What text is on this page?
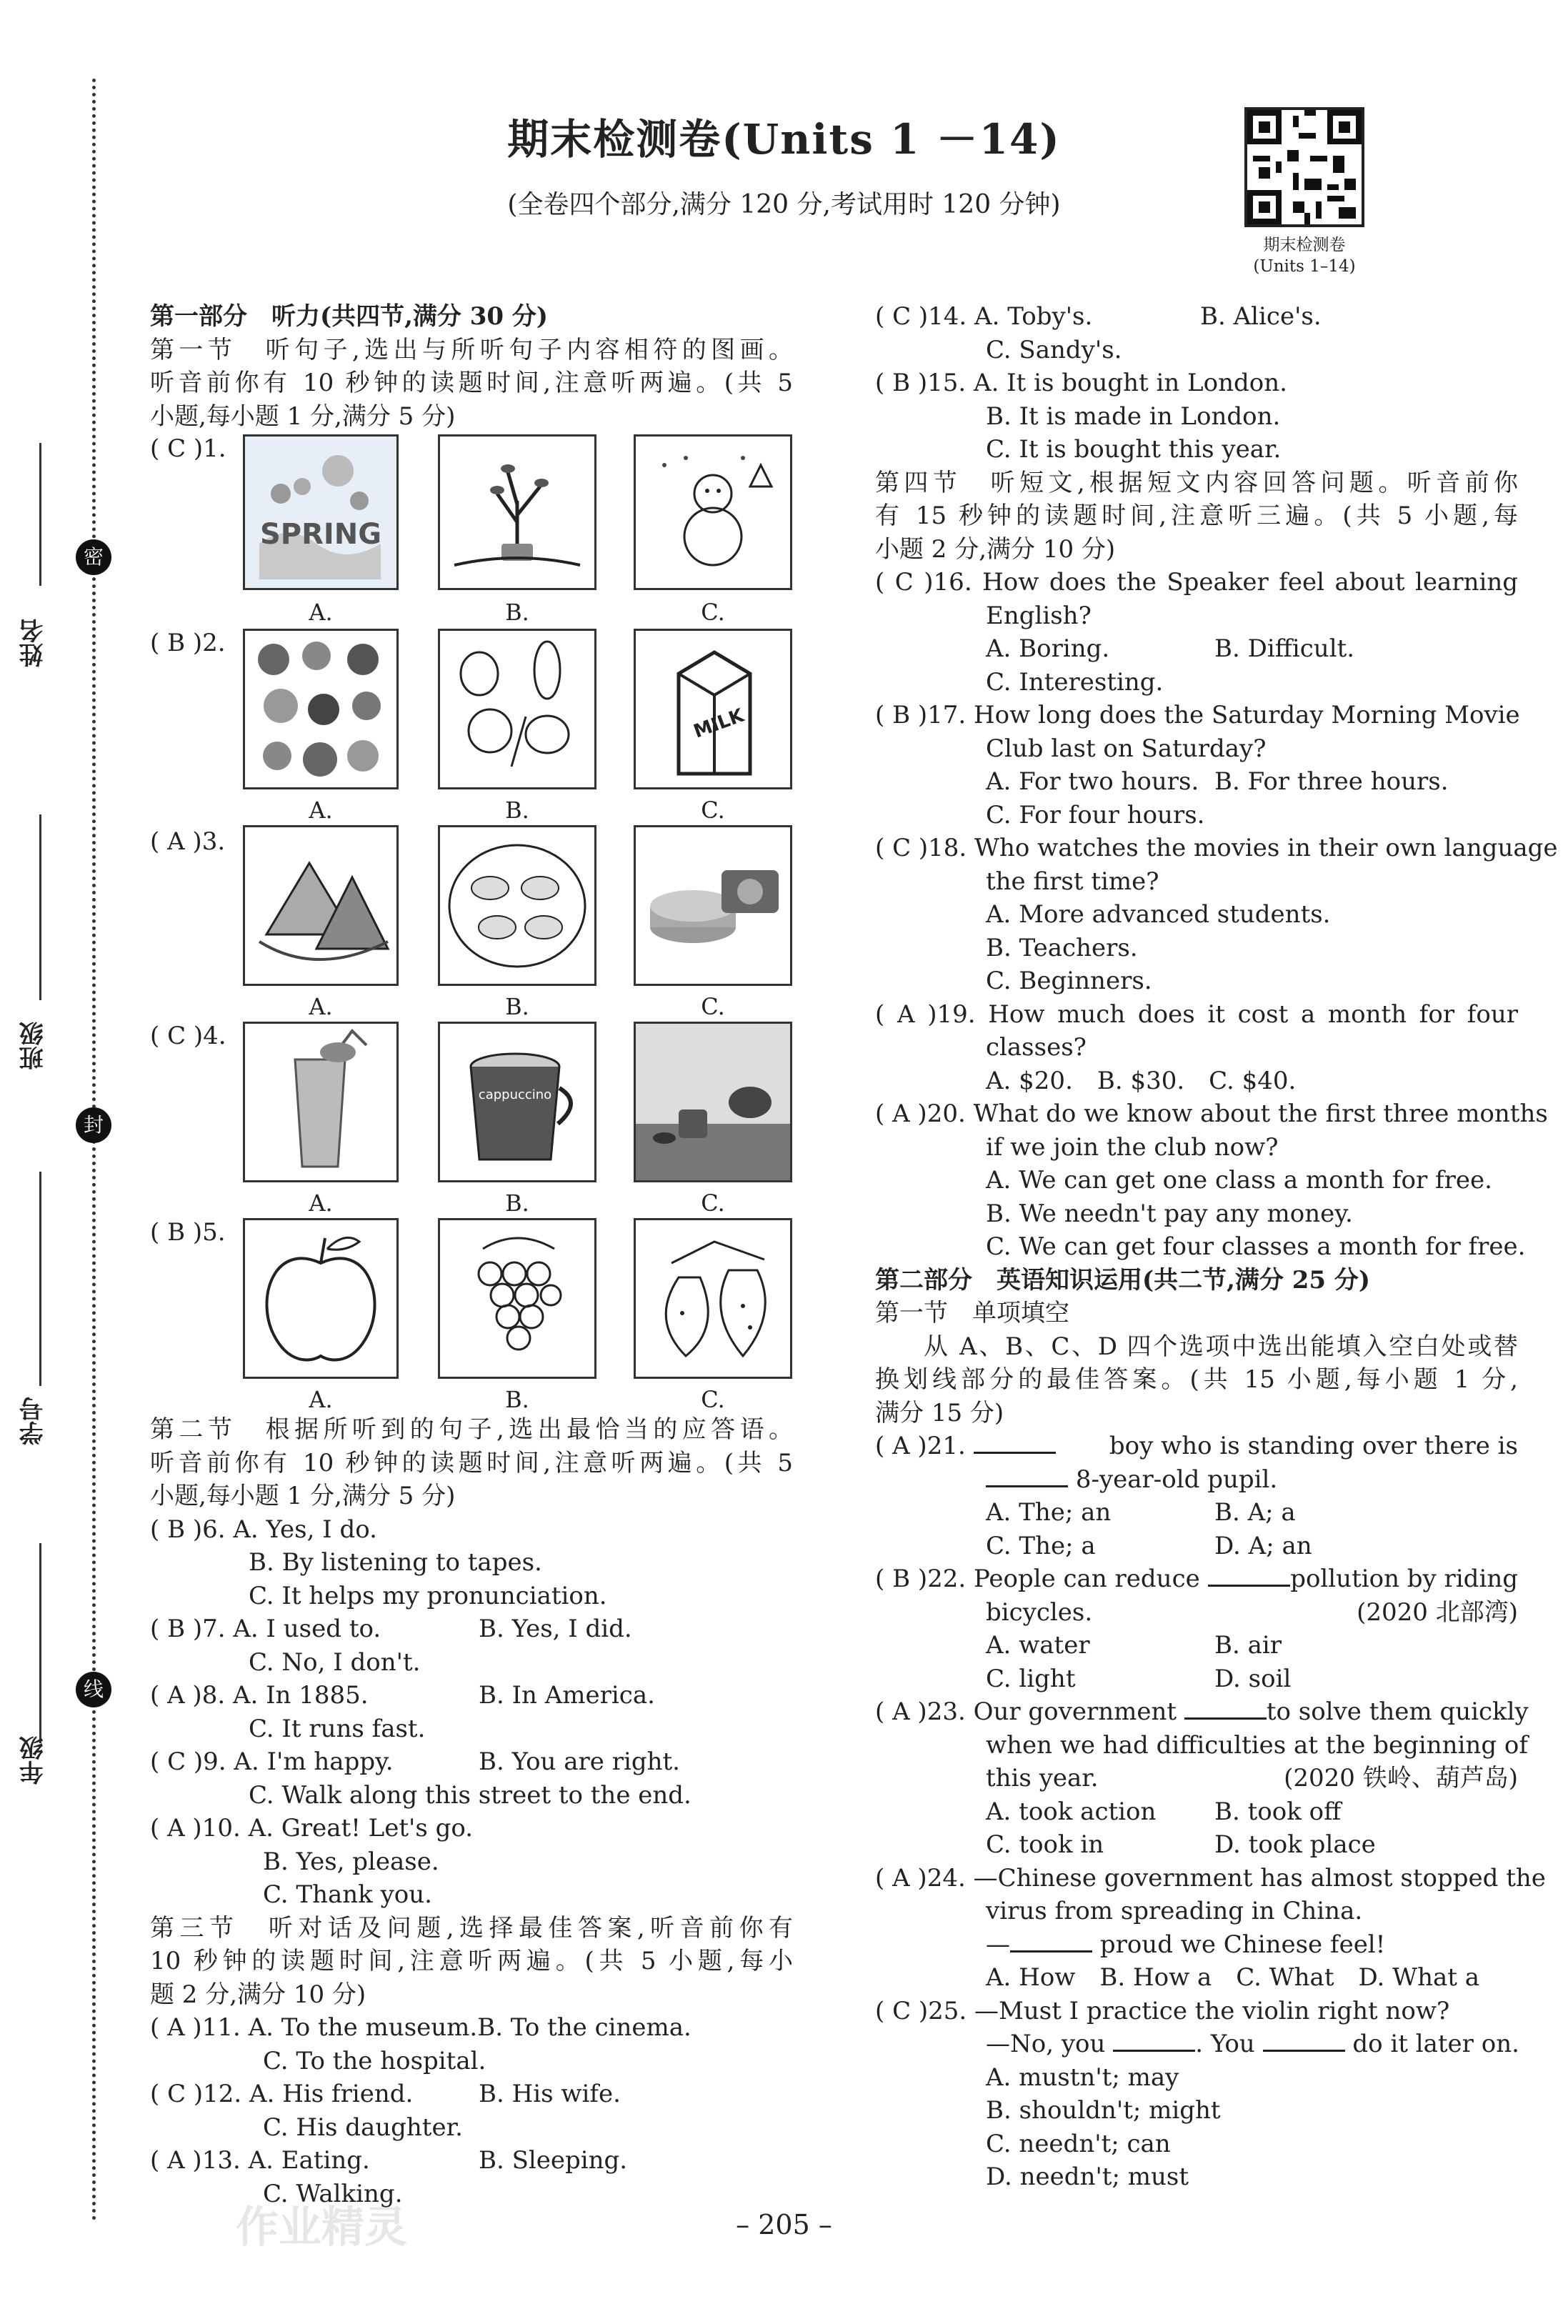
期末检测卷(Units 1 －14)
(全卷四个部分,满分 120 分,考试用时 120 分钟)
期末检测卷
(Units 1–14)
姓名
班级
学号
年级
密
封
线
第一部分　听力(共四节,满分 30 分)
第一节　听句子,选出与所听句子内容相符的图画。
听音前你有 10 秒钟的读题时间,注意听两遍。(共 5
小题,每小题 1 分,满分 5 分)
( C )1.
SPRING
A.	B.	C.
( B )2.
MILK
A.	B.	C.
( A )3.
A.	B.	C.
( C )4.
cappuccino
A.	B.	C.
( B )5.
A.	B.	C.
第二节　根据所听到的句子,选出最恰当的应答语。
听音前你有 10 秒钟的读题时间,注意听两遍。(共 5
小题,每小题 1 分,满分 5 分)
( B )6. A. Yes, I do.
B. By listening to tapes.
C. It helps my pronunciation.
( B )7. A. I used to.	B. Yes, I did.
C. No, I don't.
( A )8. A. In 1885.	B. In America.
C. It runs fast.
( C )9. A. I'm happy.	B. You are right.
C. Walk along this street to the end.
( A )10. A. Great! Let's go.
B. Yes, please.
C. Thank you.
第三节　听对话及问题,选择最佳答案,听音前你有
10 秒钟的读题时间,注意听两遍。(共 5 小题,每小
题 2 分,满分 10 分)
( A )11. A. To the museum.B. To the cinema.
C. To the hospital.
( C )12. A. His friend.	B. His wife.
C. His daughter.
( A )13. A. Eating.	B. Sleeping.
C. Walking.
( C )14. A. Toby's.	B. Alice's.
C. Sandy's.
( B )15. A. It is bought in London.
B. It is made in London.
C. It is bought this year.
第四节　听短文,根据短文内容回答问题。听音前你
有 15 秒钟的读题时间,注意听三遍。(共 5 小题,每
小题 2 分,满分 10 分)
( C )16. How does the Speaker feel about learning
English?
A. Boring.	B. Difficult.
C. Interesting.
( B )17. How long does the Saturday Morning Movie
Club last on Saturday?
A. For two hours. B. For three hours.
C. For four hours.
( C )18. Who watches the movies in their own language
the first time?
A. More advanced students.
B. Teachers.
C. Beginners.
( A )19. How much does it cost a month for four
classes?
A. $20.　B. $30.　C. $40.
( A )20. What do we know about the first three months
if we join the club now?
A. We can get one class a month for free.
B. We needn't pay any money.
C. We can get four classes a month for free.
第二部分　英语知识运用(共二节,满分 25 分)
第一节　单项填空
从 A、B、C、D 四个选项中选出能填入空白处或替
换划线部分的最佳答案。(共 15 小题,每小题 1 分,
满分 15 分)
( A )21.	boy who is standing over there is
8-year-old pupil.
A. The; an	B. A; a
C. The; a	D. A; an
( B )22. People can reduce	pollution by riding
bicycles.	(2020 北部湾)
A. water	B. air
C. light	D. soil
( A )23. Our government	to solve them quickly
when we had difficulties at the beginning of
this year.	(2020 铁岭、葫芦岛)
A. took action B. took off
C. took in	D. took place
( A )24. —Chinese government has almost stopped the
virus from spreading in China.
—	proud we Chinese feel!
A. How　B. How a　C. What　D. What a
( C )25. —Must I practice the violin right now?
—No, you	. You	do it later on.
A. mustn't; may
B. shouldn't; might
C. needn't; can
D. needn't; must
– 205 –
作业精灵
